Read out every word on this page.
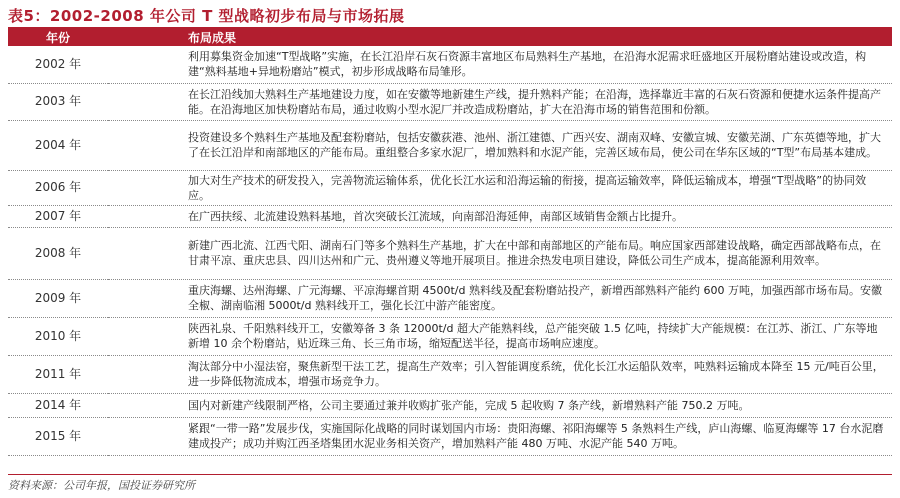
表5：2002-2008 年公司 T 型战略初步布局与市场拓展
年份	布局成果
2002 年	利用募集资金加速“T型战略”实施，在长江沿岸石灰石资源丰富地区布局熟料生产基地，在沿海水泥需求旺盛地区开展粉磨站建设或改造，构建“熟料基地+异地粉磨站”模式，初步形成战略布局雏形。
2003 年	在长江沿线加大熟料生产基地建设力度，如在安徽等地新建生产线，提升熟料产能；在沿海，选择靠近丰富的石灰石资源和便捷水运条件提高产能。在沿海地区加快粉磨站布局，通过收购小型水泥厂并改造成粉磨站，扩大在沿海市场的销售范围和份额。
2004 年	投资建设多个熟料生产基地及配套粉磨站，包括安徽荻港、池州、浙江建德、广西兴安、湖南双峰、安徽宣城、安徽芜湖、广东英德等地，扩大了在长江沿岸和南部地区的产能布局。重组整合多家水泥厂，增加熟料和水泥产能，完善区域布局，使公司在华东区域的“T型”布局基本建成。
2006 年	加大对生产技术的研发投入，完善物流运输体系，优化长江水运和沿海运输的衔接，提高运输效率，降低运输成本，增强“T型战略”的协同效应。
2007 年	在广西扶绥、北流建设熟料基地，首次突破长江流域，向南部沿海延伸，南部区域销售金额占比提升。
2008 年	新建广西北流、江西弋阳、湖南石门等多个熟料生产基地，扩大在中部和南部地区的产能布局。响应国家西部建设战略，确定西部战略布点，在甘肃平凉、重庆忠县、四川达州和广元、贵州遵义等地开展项目。推进余热发电项目建设，降低公司生产成本，提高能源利用效率。
2009 年	重庆海螺、达州海螺、广元海螺、平凉海螺首期 4500t/d 熟料线及配套粉磨站投产，新增西部熟料产能约 600 万吨，加强西部市场布局。安徽全椒、湖南临湘 5000t/d 熟料线开工，强化长江中游产能密度。
2010 年	陕西礼泉、千阳熟料线开工，安徽筹备 3 条 12000t/d 超大产能熟料线，总产能突破 1.5 亿吨，持续扩大产能规模：在江苏、浙江、广东等地新增 10 余个粉磨站，贴近珠三角、长三角市场，缩短配送半径，提高市场响应速度。
2011 年	淘汰部分中小湿法窑，聚焦新型干法工艺，提高生产效率；引入智能调度系统，优化长江水运船队效率，吨熟料运输成本降至 15 元/吨百公里，进一步降低物流成本，增强市场竞争力。
2014 年	国内对新建产线限制严格，公司主要通过兼并收购扩张产能，完成 5 起收购 7 条产线，新增熟料产能 750.2 万吨。
2015 年	紧跟“一带一路”发展步伐，实施国际化战略的同时谋划国内市场：贵阳海螺、祁阳海螺等 5 条熟料生产线，庐山海螺、临夏海螺等 17 台水泥磨建成投产；成功并购江西圣塔集团水泥业务相关资产，增加熟料产能 480 万吨、水泥产能 540 万吨。
资料来源：公司年报，国投证券研究所
